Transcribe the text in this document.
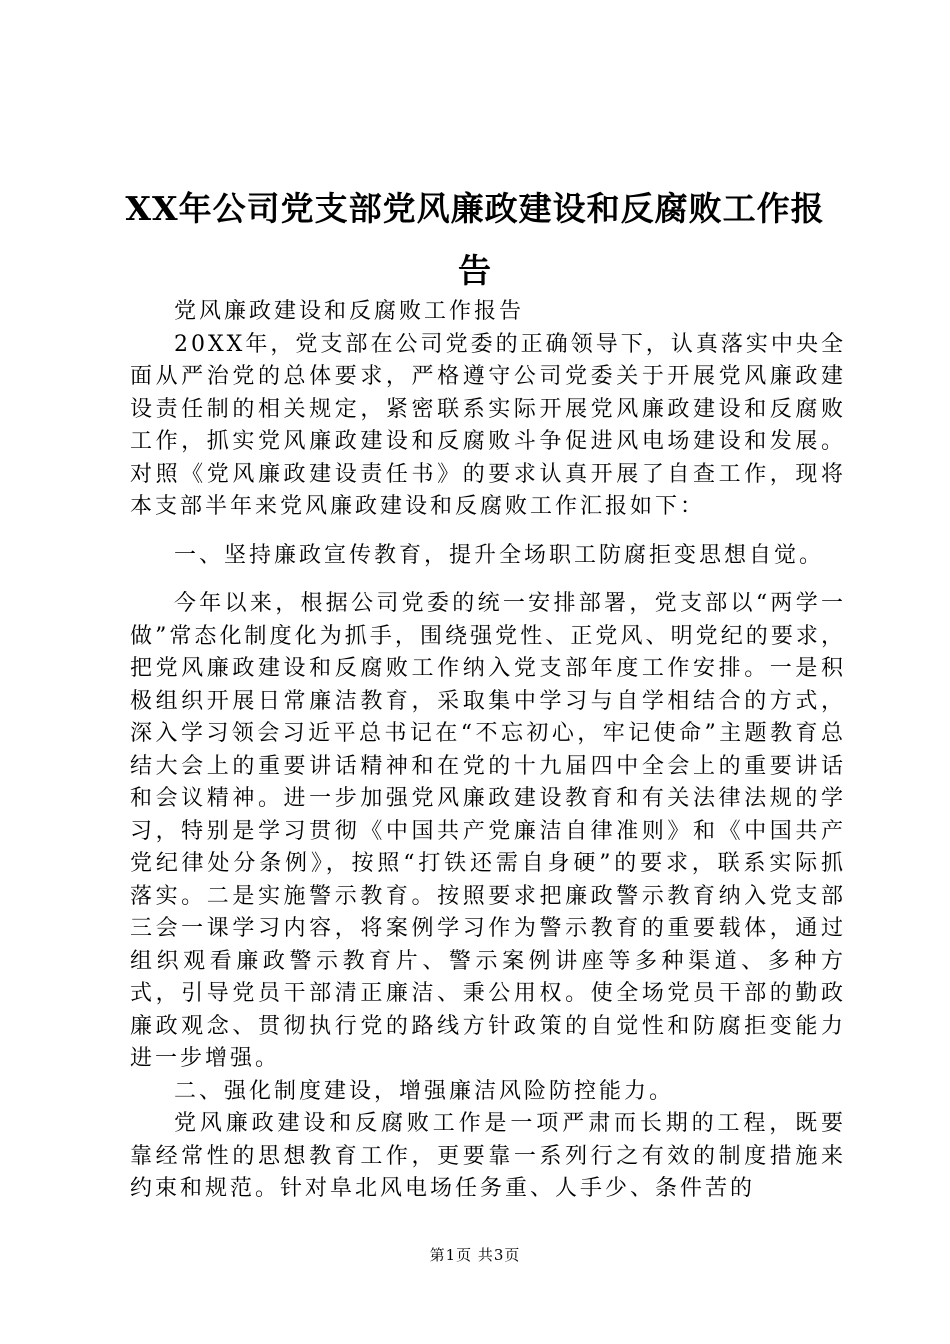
XX年公司党支部党风廉政建设和反腐败工作报告

党风廉政建设和反腐败工作报告

20XX年，党支部在公司党委的正确领导下，认真落实中央全面从严治党的总体要求，严格遵守公司党委关于开展党风廉政建设责任制的相关规定，紧密联系实际开展党风廉政建设和反腐败工作，抓实党风廉政建设和反腐败斗争促进风电场建设和发展。对照《党风廉政建设责任书》的要求认真开展了自查工作，现将本支部半年来党风廉政建设和反腐败工作汇报如下：

一、坚持廉政宣传教育，提升全场职工防腐拒变思想自觉。

今年以来，根据公司党委的统一安排部署，党支部以“两学一做”常态化制度化为抓手，围绕强党性、正党风、明党纪的要求，把党风廉政建设和反腐败工作纳入党支部年度工作安排。一是积极组织开展日常廉洁教育，采取集中学习与自学相结合的方式，深入学习领会习近平总书记在“不忘初心，牢记使命”主题教育总结大会上的重要讲话精神和在党的十九届四中全会上的重要讲话和会议精神。进一步加强党风廉政建设教育和有关法律法规的学习，特别是学习贯彻《中国共产党廉洁自律准则》和《中国共产党纪律处分条例》，按照“打铁还需自身硬”的要求，联系实际抓落实。二是实施警示教育。按照要求把廉政警示教育纳入党支部三会一课学习内容，将案例学习作为警示教育的重要载体，通过组织观看廉政警示教育片、警示案例讲座等多种渠道、多种方式，引导党员干部清正廉洁、秉公用权。使全场党员干部的勤政廉政观念、贯彻执行党的路线方针政策的自觉性和防腐拒变能力进一步增强。

二、强化制度建设，增强廉洁风险防控能力。

党风廉政建设和反腐败工作是一项严肃而长期的工程，既要靠经常性的思想教育工作，更要靠一系列行之有效的制度措施来约束和规范。针对阜北风电场任务重、人手少、条件苦的

第1页 共3页
